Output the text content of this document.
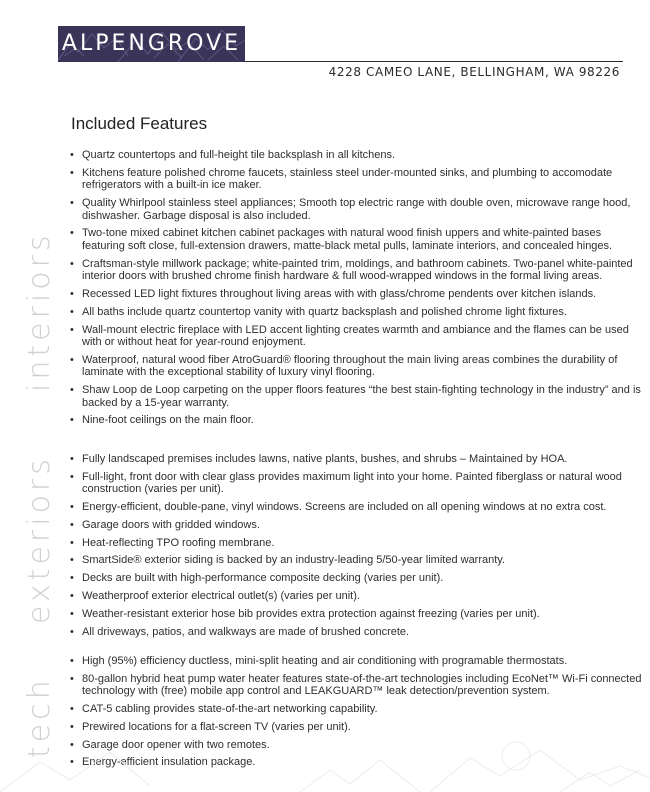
ALPENGROVE
4228 CAMEO LANE, BELLINGHAM, WA 98226
Included Features
interiors
exteriors
tech
• Quartz countertops and full-height tile backsplash in all kitchens.
• Kitchens feature polished chrome faucets, stainless steel under-mounted sinks, and plumbing to accomodate refrigerators with a built-in ice maker.
• Quality Whirlpool stainless steel appliances; Smooth top electric range with double oven, microwave range hood, dishwasher. Garbage disposal is also included.
• Two-tone mixed cabinet kitchen cabinet packages with natural wood finish uppers and white-painted bases featuring soft close, full-extension drawers, matte-black metal pulls, laminate interiors, and concealed hinges.
• Craftsman-style millwork package; white-painted trim, moldings, and bathroom cabinets. Two-panel white-painted interior doors with brushed chrome finish hardware & full wood-wrapped windows in the formal living areas.
• Recessed LED light fixtures throughout living areas with with glass/chrome pendents over kitchen islands.
• All baths include quartz countertop vanity with quartz backsplash and polished chrome light fixtures.
• Wall-mount electric fireplace with LED accent lighting creates warmth and ambiance and the flames can be used with or without heat for year-round enjoyment.
• Waterproof, natural wood fiber AtroGuard® flooring throughout the main living areas combines the durability of laminate with the exceptional stability of luxury vinyl flooring.
• Shaw Loop de Loop carpeting on the upper floors features “the best stain-fighting technology in the industry” and is backed by a 15-year warranty.
• Nine-foot ceilings on the main floor.
• Fully landscaped premises includes lawns, native plants, bushes, and shrubs – Maintained by HOA.
• Full-light, front door with clear glass provides maximum light into your home. Painted fiberglass or natural wood construction (varies per unit).
• Energy-efficient, double-pane, vinyl windows. Screens are included on all opening windows at no extra cost.
• Garage doors with gridded windows.
• Heat-reflecting TPO roofing membrane.
• SmartSide® exterior siding is backed by an industry-leading 5/50-year limited warranty.
• Decks are built with high-performance composite decking (varies per unit).
• Weatherproof exterior electrical outlet(s) (varies per unit).
• Weather-resistant exterior hose bib provides extra protection against freezing (varies per unit).
• All driveways, patios, and walkways are made of brushed concrete.
• High (95%) efficiency ductless, mini-split heating and air conditioning with programable thermostats.
• 80-gallon hybrid heat pump water heater features state-of-the-art technologies including EcoNet™ Wi-Fi connected technology with (free) mobile app control and LEAKGUARD™ leak detection/prevention system.
• CAT-5 cabling provides state-of-the-art networking capability.
• Prewired locations for a flat-screen TV (varies per unit).
• Garage door opener with two remotes.
• Energy-efficient insulation package.
